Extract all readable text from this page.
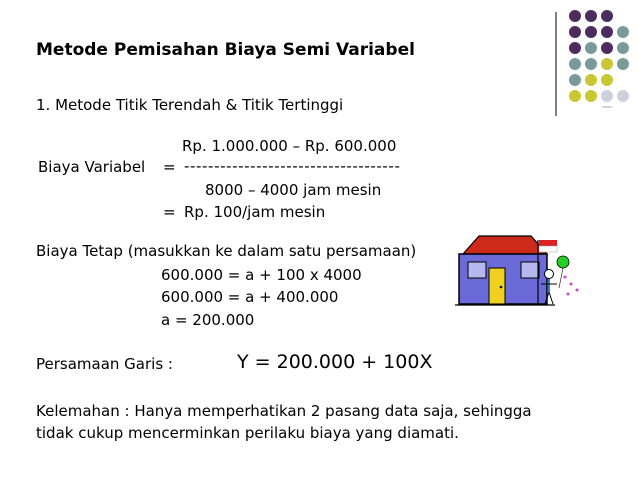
Metode Pemisahan Biaya Semi Variabel
1. Metode Titik Terendah & Titik Tertinggi
Rp. 1.000.000 – Rp. 600.000
Biaya Variabel = ------------------------------------
8000 – 4000 jam mesin
= Rp. 100/jam mesin
Biaya Tetap (masukkan ke dalam satu persamaan)
600.000 = a + 100 x 4000
600.000 = a + 400.000
a = 200.000
Persamaan Garis :	Y = 200.000 + 100X
Kelemahan : Hanya memperhatikan 2 pasang data saja, sehingga
tidak cukup mencerminkan perilaku biaya yang diamati.
